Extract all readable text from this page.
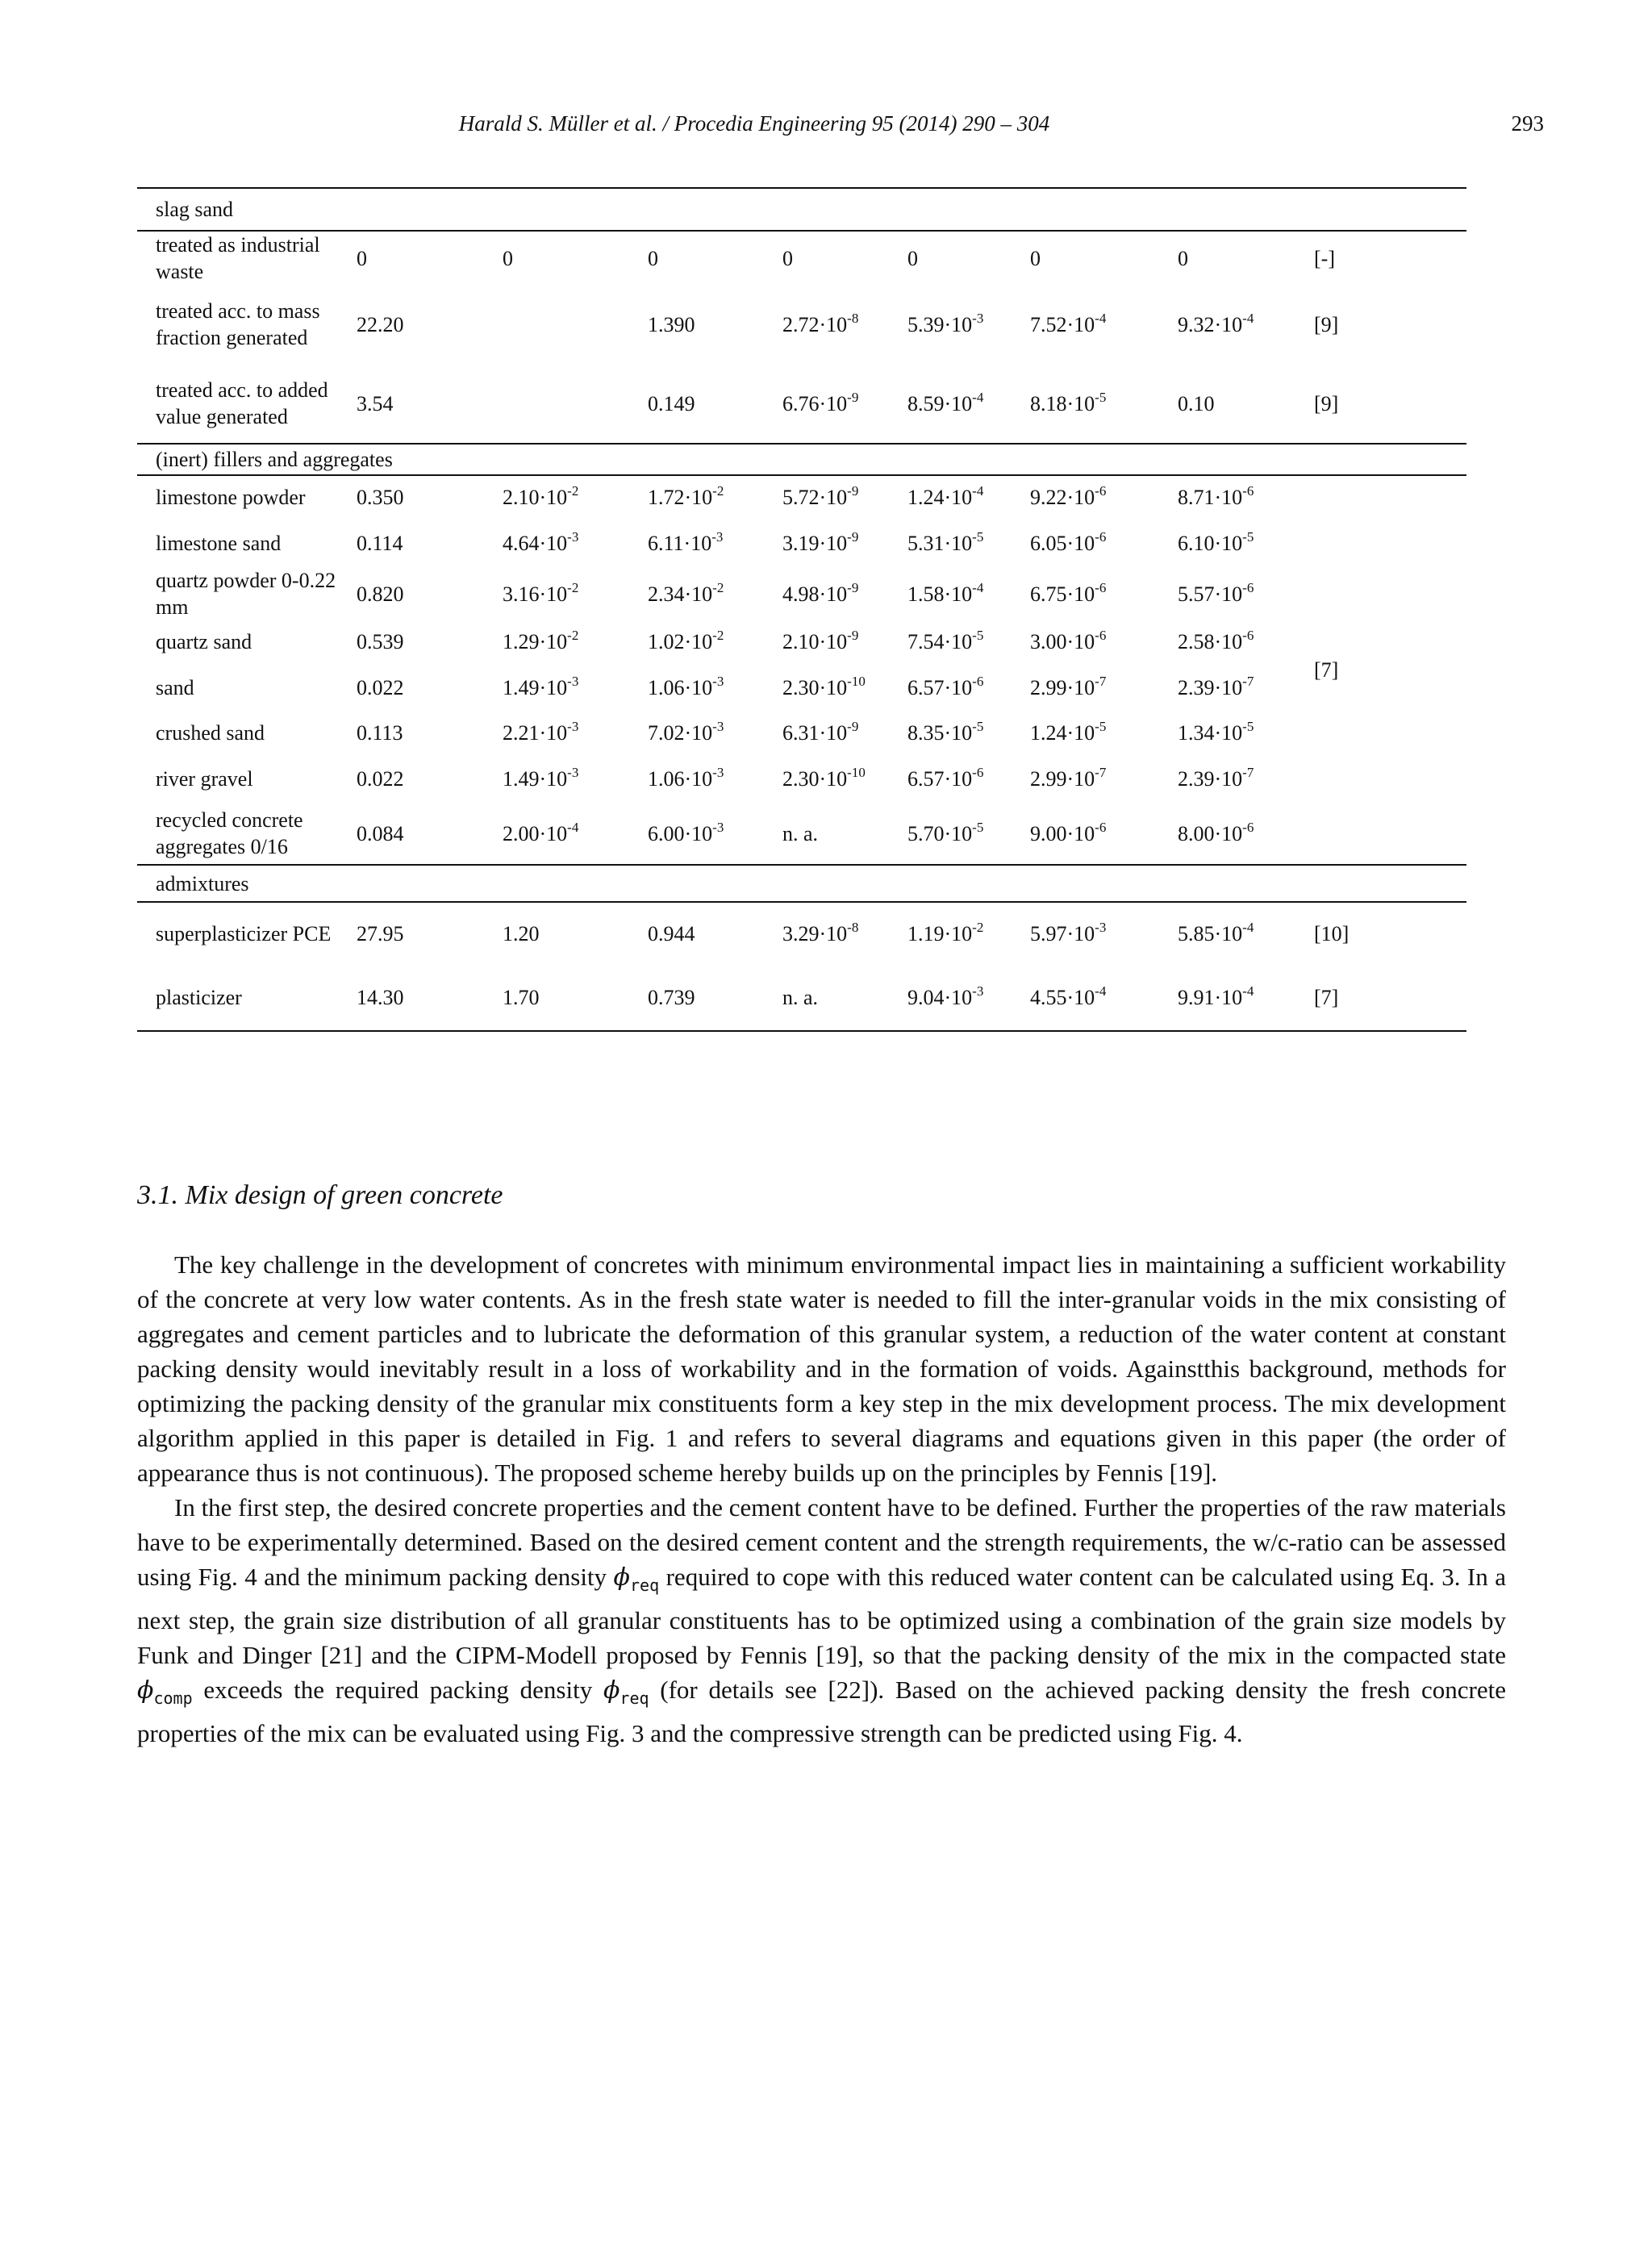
Harald S. Müller et al. / Procedia Engineering 95 (2014) 290 – 304	293
slag sand								
treated as industrial waste	0	0	0	0	0	0	0	[-]
treated acc. to mass fraction generated	22.20		1.390	$2.72\cdot 10^{-8}$	$5.39\cdot 10^{-3}$	$7.52\cdot 10^{-4}$	$9.32\cdot 10^{-4}$	[9]
treated acc. to added value generated	3.54		0.149	$6.76\cdot 10^{-9}$	$8.59\cdot 10^{-4}$	$8.18\cdot 10^{-5}$	0.10	[9]
(inert) fillers and aggregates								
limestone powder	0.350	$2.10\cdot 10^{-2}$	$1.72\cdot 10^{-2}$	$5.72\cdot 10^{-9}$	$1.24\cdot 10^{-4}$	$9.22\cdot 10^{-6}$	$8.71\cdot 10^{-6}$	[7]
limestone sand	0.114	$4.64\cdot 10^{-3}$	$6.11\cdot 10^{-3}$	$3.19\cdot 10^{-9}$	$5.31\cdot 10^{-5}$	$6.05\cdot 10^{-6}$	$6.10\cdot 10^{-5}$
quartz powder 0-0.22 mm	0.820	$3.16\cdot 10^{-2}$	$2.34\cdot 10^{-2}$	$4.98\cdot 10^{-9}$	$1.58\cdot 10^{-4}$	$6.75\cdot 10^{-6}$	$5.57\cdot 10^{-6}$
quartz sand	0.539	$1.29\cdot 10^{-2}$	$1.02\cdot 10^{-2}$	$2.10\cdot 10^{-9}$	$7.54\cdot 10^{-5}$	$3.00\cdot 10^{-6}$	$2.58\cdot 10^{-6}$
sand	0.022	$1.49\cdot 10^{-3}$	$1.06\cdot 10^{-3}$	$2.30\cdot 10^{-10}$	$6.57\cdot 10^{-6}$	$2.99\cdot 10^{-7}$	$2.39\cdot 10^{-7}$
crushed sand	0.113	$2.21\cdot 10^{-3}$	$7.02\cdot 10^{-3}$	$6.31\cdot 10^{-9}$	$8.35\cdot 10^{-5}$	$1.24\cdot 10^{-5}$	$1.34\cdot 10^{-5}$
river gravel	0.022	$1.49\cdot 10^{-3}$	$1.06\cdot 10^{-3}$	$2.30\cdot 10^{-10}$	$6.57\cdot 10^{-6}$	$2.99\cdot 10^{-7}$	$2.39\cdot 10^{-7}$
recycled concrete aggregates 0/16	0.084	$2.00\cdot 10^{-4}$	$6.00\cdot 10^{-3}$	n. a.	$5.70\cdot 10^{-5}$	$9.00\cdot 10^{-6}$	$8.00\cdot 10^{-6}$
admixtures								
superplasticizer PCE	27.95	1.20	0.944	$3.29\cdot 10^{-8}$	$1.19\cdot 10^{-2}$	$5.97\cdot 10^{-3}$	$5.85\cdot 10^{-4}$	[10]
plasticizer	14.30	1.70	0.739	n. a.	$9.04\cdot 10^{-3}$	$4.55\cdot 10^{-4}$	$9.91\cdot 10^{-4}$	[7]
3.1. Mix design of green concrete

The key challenge in the development of concretes with minimum environmental impact lies in maintaining a sufficient workability of the concrete at very low water contents. As in the fresh state water is needed to fill the inter-granular voids in the mix consisting of aggregates and cement particles and to lubricate the deformation of this granular system, a reduction of the water content at constant packing density would inevitably result in a loss of workability and in the formation of voids. Againstthis background, methods for optimizing the packing density of the granular mix constituents form a key step in the mix development process. The mix development algorithm applied in this paper is detailed in Fig. 1 and refers to several diagrams and equations given in this paper (the order of appearance thus is not continuous). The proposed scheme hereby builds up on the principles by Fennis [19].

In the first step, the desired concrete properties and the cement content have to be defined. Further the properties of the raw materials have to be experimentally determined. Based on the desired cement content and the strength requirements, the w/c-ratio can be assessed using Fig. 4 and the minimum packing density $\phi_{req}$ required to cope with this reduced water content can be calculated using Eq. 3. In a next step, the grain size distribution of all granular constituents has to be optimized using a combination of the grain size models by Funk and Dinger [21] and the CIPM-Modell proposed by Fennis [19], so that the packing density of the mix in the compacted state $\phi_{comp}$ exceeds the required packing density $\phi_{req}$ (for details see [22]). Based on the achieved packing density the fresh concrete properties of the mix can be evaluated using Fig. 3 and the compressive strength can be predicted using Fig. 4.
